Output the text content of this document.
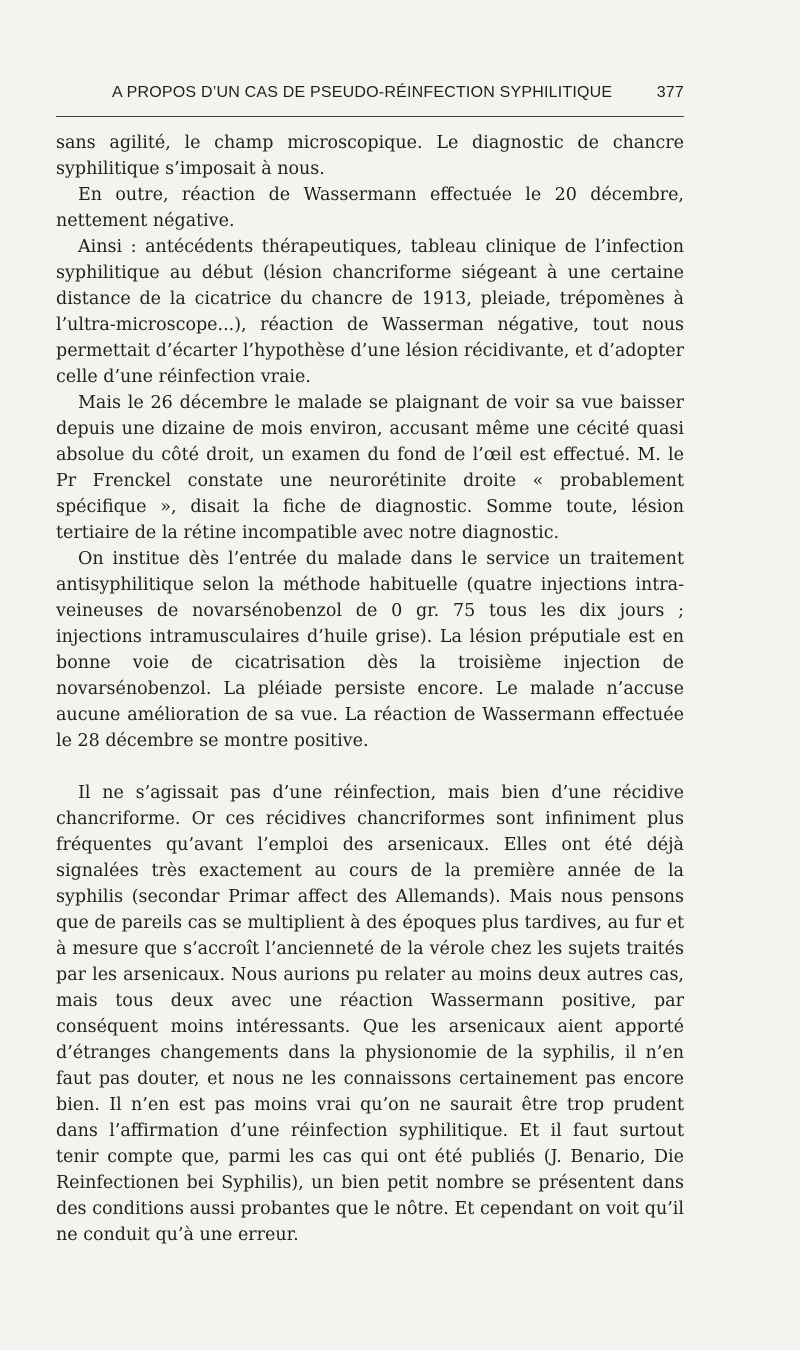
A PROPOS D’UN CAS DE PSEUDO-RÉINFECTION SYPHILITIQUE	377

sans agilité, le champ microscopique. Le diagnostic de chancre syphilitique s’imposait à nous.

En outre, réaction de Wassermann effectuée le 20 décembre, nettement négative.

Ainsi : antécédents thérapeutiques, tableau clinique de l’infection syphilitique au début (lésion chancriforme siégeant à une certaine distance de la cicatrice du chancre de 1913, pleiade, trépomènes à l’ultra-microscope...), réaction de Wasserman négative, tout nous permettait d’écarter l’hypothèse d’une lésion récidivante, et d’adopter celle d’une réinfection vraie.

Mais le 26 décembre le malade se plaignant de voir sa vue baisser depuis une dizaine de mois environ, accusant même une cécité quasi absolue du côté droit, un examen du fond de l’œil est effectué. M. le Pr Frenckel constate une neurorétinite droite « probablement spécifique », disait la fiche de diagnostic. Somme toute, lésion tertiaire de la rétine incompatible avec notre diagnostic.

On institue dès l’entrée du malade dans le service un traitement antisyphilitique selon la méthode habituelle (quatre injections intra-veineuses de novarsénobenzol de 0 gr. 75 tous les dix jours ; injections intramusculaires d’huile grise). La lésion préputiale est en bonne voie de cicatrisation dès la troisième injection de novarsénobenzol. La pléiade persiste encore. Le malade n’accuse aucune amélioration de sa vue. La réaction de Wassermann effectuée le 28 décembre se montre positive.

Il ne s’agissait pas d’une réinfection, mais bien d’une récidive chancriforme. Or ces récidives chancriformes sont infiniment plus fréquentes qu’avant l’emploi des arsenicaux. Elles ont été déjà signalées très exactement au cours de la première année de la syphilis (secondar Primar affect des Allemands). Mais nous pensons que de pareils cas se multiplient à des époques plus tardives, au fur et à mesure que s’accroît l’ancienneté de la vérole chez les sujets traités par les arsenicaux. Nous aurions pu relater au moins deux autres cas, mais tous deux avec une réaction Wassermann positive, par conséquent moins intéressants. Que les arsenicaux aient apporté d’étranges changements dans la physionomie de la syphilis, il n’en faut pas douter, et nous ne les connaissons certainement pas encore bien. Il n’en est pas moins vrai qu’on ne saurait être trop prudent dans l’affirmation d’une réinfection syphilitique. Et il faut surtout tenir compte que, parmi les cas qui ont été publiés (J. Benario, Die Reinfectionen bei Syphilis), un bien petit nombre se présentent dans des conditions aussi probantes que le nôtre. Et cependant on voit qu’il ne conduit qu’à une erreur.
